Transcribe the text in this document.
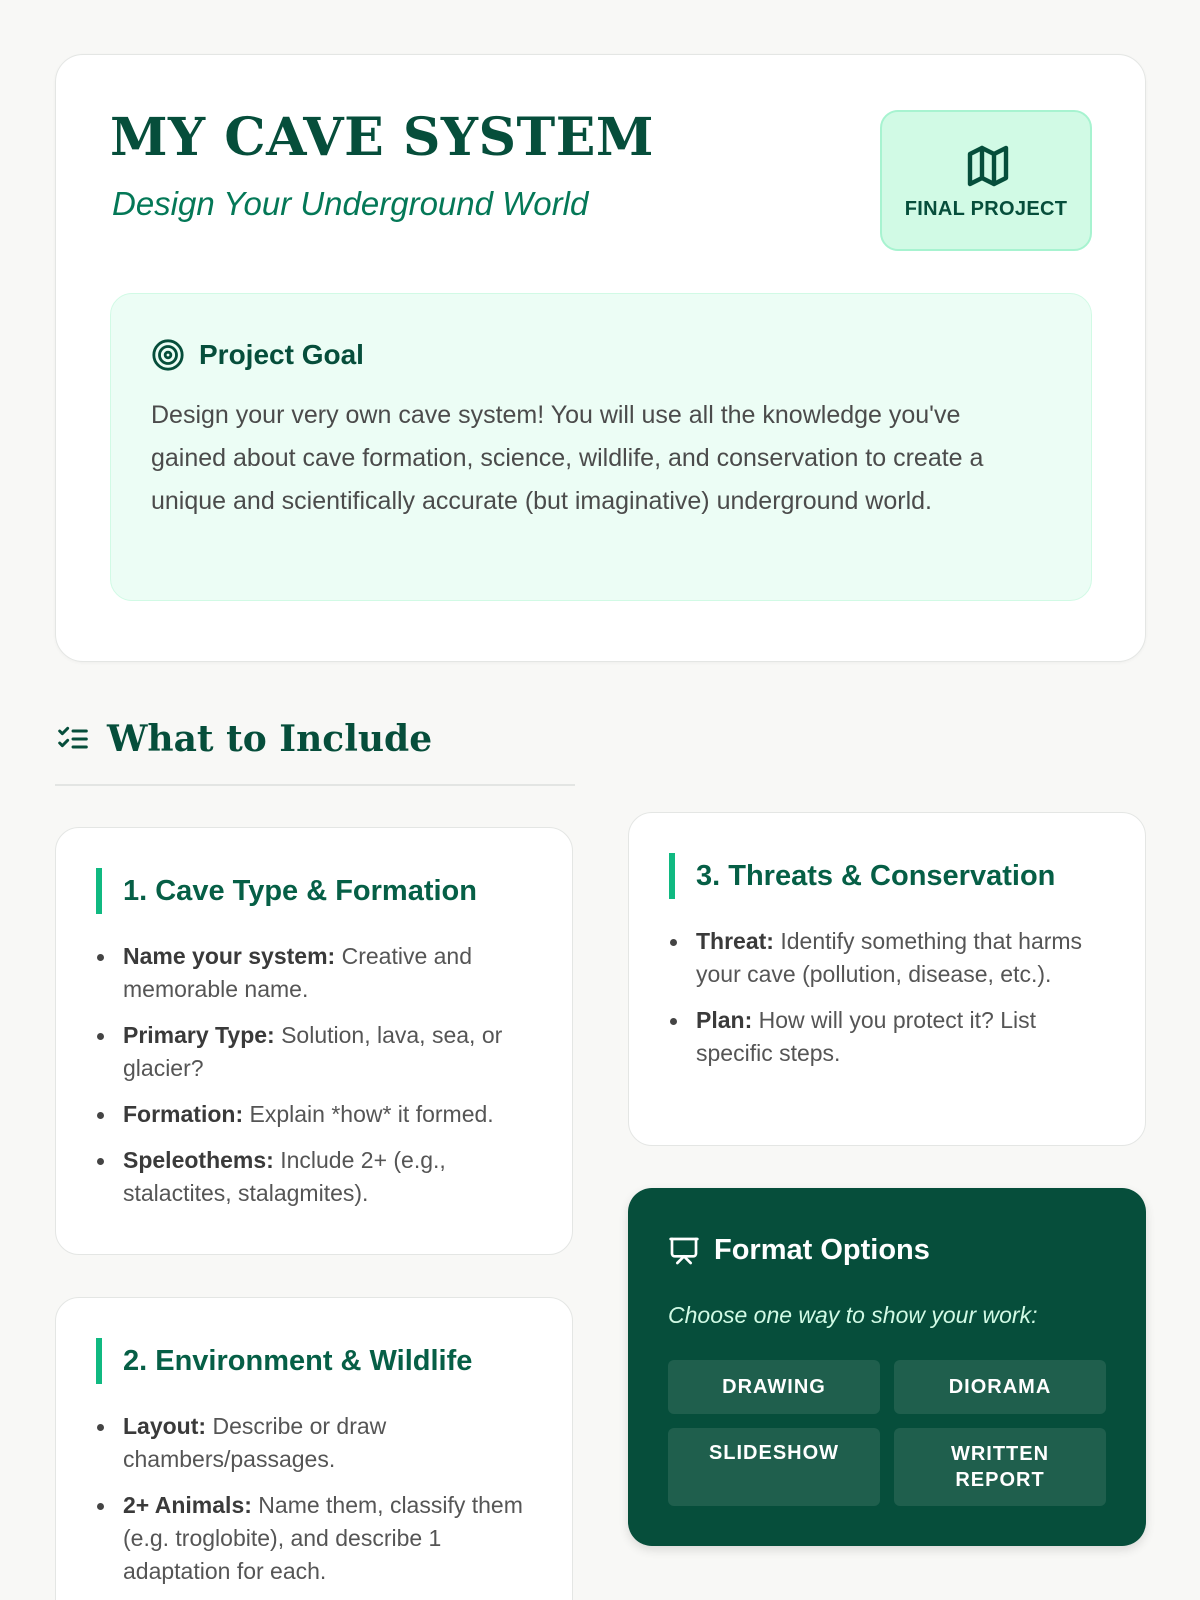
MY CAVE SYSTEM
Design Your Underground World	FINAL PROJECT
Project Goal

Design your very own cave system! You will use all the knowledge you've gained about cave formation, science, wildlife, and conservation to create a unique and scientifically accurate (but imaginative) underground world.

What to Include
1. Cave Type & Formation
Name your system: Creative and memorable name.
Primary Type: Solution, lava, sea, or glacier?
Formation: Explain *how* it formed.
Speleothems: Include 2+ (e.g., stalactites, stalagmites).
2. Environment & Wildlife
Layout: Describe or draw chambers/passages.
2+ Animals: Name them, classify them (e.g. troglobite), and describe 1 adaptation for each.
3. Threats & Conservation
Threat: Identify something that harms your cave (pollution, disease, etc.).
Plan: How will you protect it? List specific steps.
Format Options
Choose one way to show your work:
DRAWING	DIORAMA
SLIDESHOW	WRITTEN REPORT
